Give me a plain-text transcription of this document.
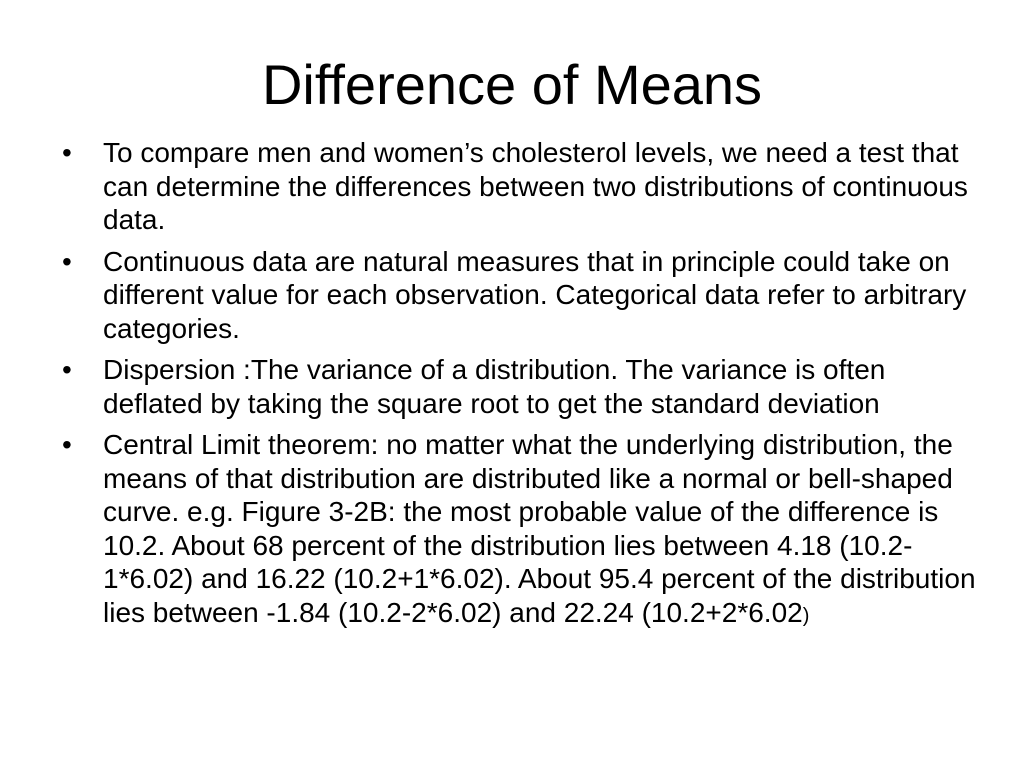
Difference of Means
•	To compare men and women’s cholesterol levels, we need a test that can determine the differences between two distributions of continuous data.
•	Continuous data are natural measures that in principle could take on different value for each observation. Categorical data refer to arbitrary categories.
•	Dispersion :The variance of a distribution. The variance is often deflated by taking the square root to get the standard deviation
•	Central Limit theorem: no matter what the underlying distribution, the means of that distribution are distributed like a normal or bell-shaped curve. e.g. Figure 3-2B: the most probable value of the difference is 10.2. About 68 percent of the distribution lies between 4.18 (10.2-1*6.02) and 16.22 (10.2+1*6.02). About 95.4 percent of the distribution lies between -1.84 (10.2-2*6.02) and 22.24 (10.2+2*6.02)
